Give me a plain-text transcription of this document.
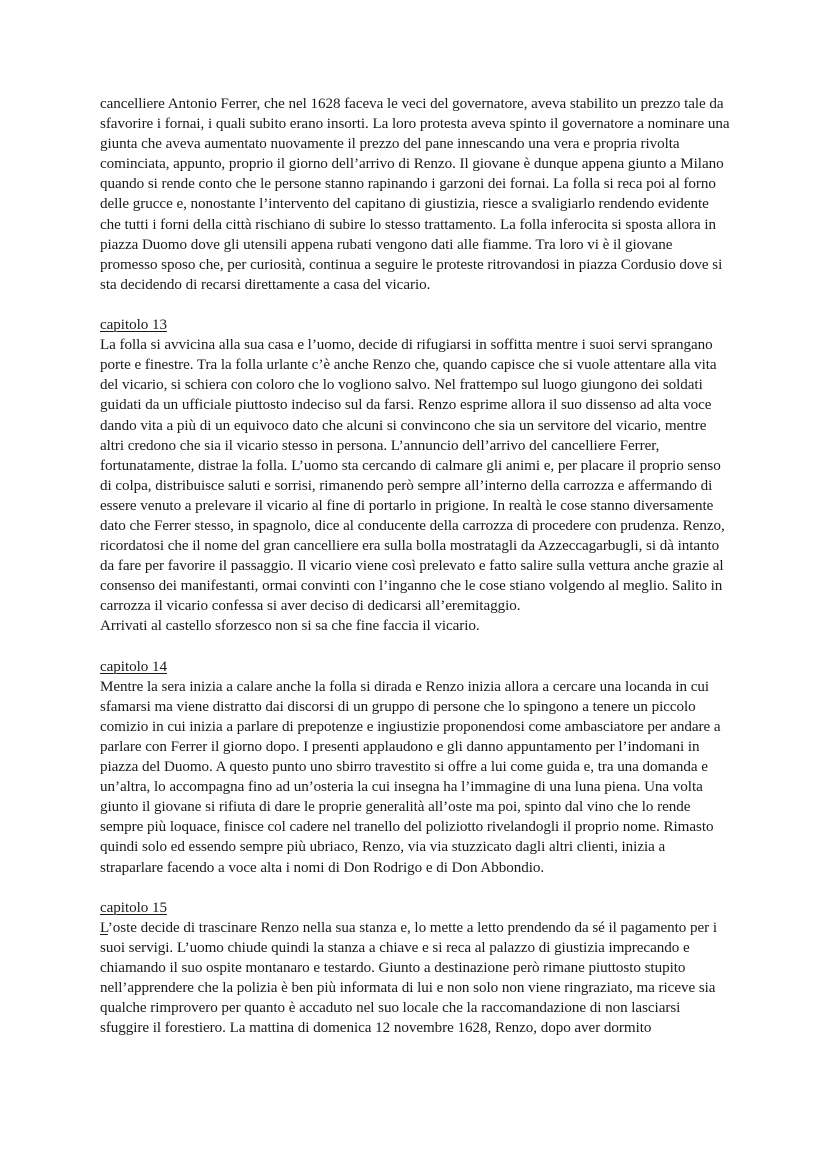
cancelliere Antonio Ferrer, che nel 1628 faceva le veci del governatore, aveva stabilito un prezzo tale da sfavorire i fornai, i quali subito erano insorti. La loro protesta aveva spinto il governatore a nominare una giunta che aveva aumentato nuovamente il prezzo del pane innescando una vera e propria rivolta cominciata, appunto, proprio il giorno dell’arrivo di Renzo. Il giovane è dunque appena giunto a Milano quando si rende conto che le persone stanno rapinando i garzoni dei fornai. La folla si reca poi al forno delle grucce e, nonostante l’intervento del capitano di giustizia, riesce a svaligiarlo rendendo evidente che tutti i forni della città rischiano di subire lo stesso trattamento. La folla inferocita si sposta allora in piazza Duomo dove gli utensili appena rubati vengono dati alle fiamme. Tra loro vi è il giovane promesso sposo che, per curiosità, continua a seguire le proteste ritrovandosi in piazza Cordusio dove si sta decidendo di recarsi direttamente a casa del vicario.

capitolo 13

La folla si avvicina alla sua casa e l’uomo, decide di rifugiarsi in soffitta mentre i suoi servi sprangano porte e finestre. Tra la folla urlante c’è anche Renzo che, quando capisce che si vuole attentare alla vita del vicario, si schiera con coloro che lo vogliono salvo. Nel frattempo sul luogo giungono dei soldati guidati da un ufficiale piuttosto indeciso sul da farsi. Renzo esprime allora il suo dissenso ad alta voce dando vita a più di un equivoco dato che alcuni si convincono che sia un servitore del vicario, mentre altri credono che sia il vicario stesso in persona. L’annuncio dell’arrivo del cancelliere Ferrer, fortunatamente, distrae la folla. L’uomo sta cercando di calmare gli animi e, per placare il proprio senso di colpa, distribuisce saluti e sorrisi, rimanendo però sempre all’interno della carrozza e affermando di essere venuto a prelevare il vicario al fine di portarlo in prigione. In realtà le cose stanno diversamente dato che Ferrer stesso, in spagnolo, dice al conducente della carrozza di procedere con prudenza. Renzo, ricordatosi che il nome del gran cancelliere era sulla bolla mostratagli da Azzeccagarbugli, si dà intanto da fare per favorire il passaggio. Il vicario viene così prelevato e fatto salire sulla vettura anche grazie al consenso dei manifestanti, ormai convinti con l’inganno che le cose stiano volgendo al meglio. Salito in carrozza il vicario confessa si aver deciso di dedicarsi all’eremitaggio.

Arrivati al castello sforzesco non si sa che fine faccia il vicario.

capitolo 14

Mentre la sera inizia a calare anche la folla si dirada e Renzo inizia allora a cercare una locanda in cui sfamarsi ma viene distratto dai discorsi di un gruppo di persone che lo spingono a tenere un piccolo comizio in cui inizia a parlare di prepotenze e ingiustizie proponendosi come ambasciatore per andare a parlare con Ferrer il giorno dopo. I presenti applaudono e gli danno appuntamento per l’indomani in piazza del Duomo. A questo punto uno sbirro travestito si offre a lui come guida e, tra una domanda e un’altra, lo accompagna fino ad un’osteria la cui insegna ha l’immagine di una luna piena. Una volta giunto il giovane si rifiuta di dare le proprie generalità all’oste ma poi, spinto dal vino che lo rende sempre più loquace, finisce col cadere nel tranello del poliziotto rivelandogli il proprio nome. Rimasto quindi solo ed essendo sempre più ubriaco, Renzo, via via stuzzicato dagli altri clienti, inizia a straparlare facendo a voce alta i nomi di Don Rodrigo e di Don Abbondio.

capitolo 15

L’oste decide di trascinare Renzo nella sua stanza e, lo mette a letto prendendo da sé il pagamento per i suoi servigi. L’uomo chiude quindi la stanza a chiave e si reca al palazzo di giustizia imprecando e chiamando il suo ospite montanaro e testardo. Giunto a destinazione però rimane piuttosto stupito nell’apprendere che la polizia è ben più informata di lui e non solo non viene ringraziato, ma riceve sia qualche rimprovero per quanto è accaduto nel suo locale che la raccomandazione di non lasciarsi sfuggire il forestiero. La mattina di domenica 12 novembre 1628, Renzo, dopo aver dormito
